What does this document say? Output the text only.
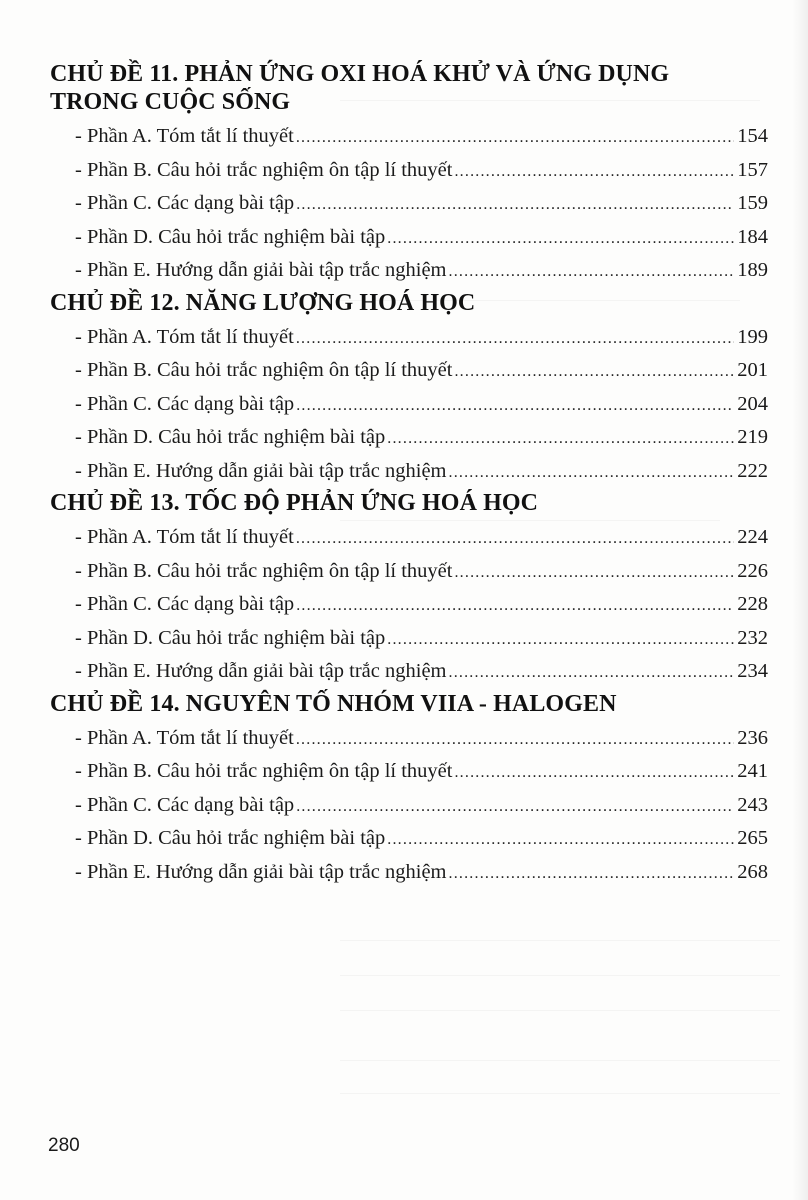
CHỦ ĐỀ 11. PHẢN ỨNG OXI HOÁ KHỬ VÀ ỨNG DỤNG
TRONG CUỘC SỐNG
- Phần A. Tóm tắt lí thuyết .....	154
- Phần B. Câu hỏi trắc nghiệm ôn tập lí thuyết .....	157
- Phần C. Các dạng bài tập .....	159
- Phần D. Câu hỏi trắc nghiệm bài tập .....	184
- Phần E. Hướng dẫn giải bài tập trắc nghiệm .....	189
CHỦ ĐỀ 12. NĂNG LƯỢNG HOÁ HỌC
- Phần A. Tóm tắt lí thuyết .....	199
- Phần B. Câu hỏi trắc nghiệm ôn tập lí thuyết .....	201
- Phần C. Các dạng bài tập .....	204
- Phần D. Câu hỏi trắc nghiệm bài tập .....	219
- Phần E. Hướng dẫn giải bài tập trắc nghiệm .....	222
CHỦ ĐỀ 13. TỐC ĐỘ PHẢN ỨNG HOÁ HỌC
- Phần A. Tóm tắt lí thuyết .....	224
- Phần B. Câu hỏi trắc nghiệm ôn tập lí thuyết .....	226
- Phần C. Các dạng bài tập .....	228
- Phần D. Câu hỏi trắc nghiệm bài tập .....	232
- Phần E. Hướng dẫn giải bài tập trắc nghiệm .....	234
CHỦ ĐỀ 14. NGUYÊN TỐ NHÓM VIIA - HALOGEN
- Phần A. Tóm tắt lí thuyết .....	236
- Phần B. Câu hỏi trắc nghiệm ôn tập lí thuyết .....	241
- Phần C. Các dạng bài tập .....	243
- Phần D. Câu hỏi trắc nghiệm bài tập .....	265
- Phần E. Hướng dẫn giải bài tập trắc nghiệm .....	268
280
